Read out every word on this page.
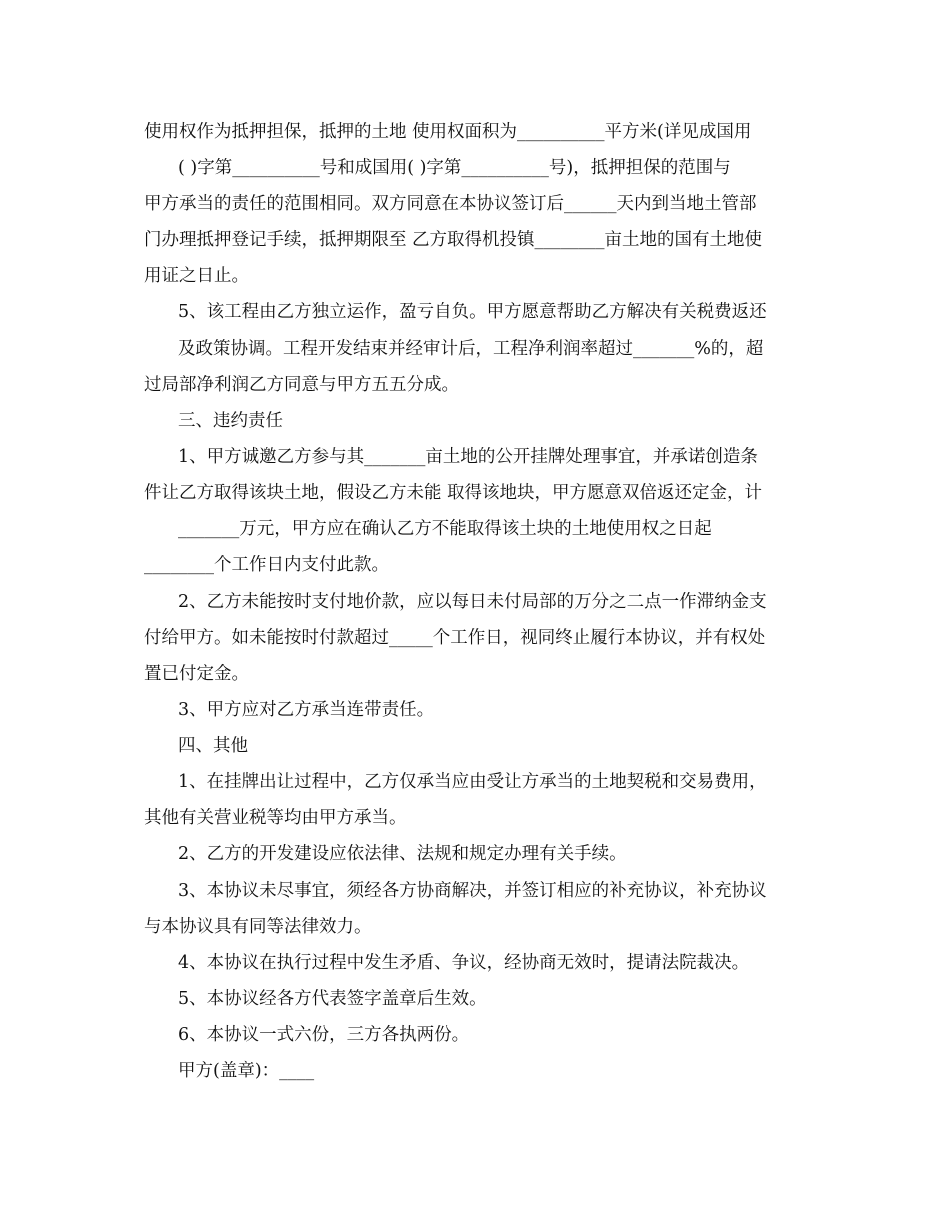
使用权作为抵押担保，抵押的土地 使用权面积为__________平方米(详见成国用
( )字第__________号和成国用( )字第__________号)，抵押担保的范围与
甲方承当的责任的范围相同。双方同意在本协议签订后______天内到当地土管部
门办理抵押登记手续，抵押期限至 乙方取得机投镇________亩土地的国有土地使
用证之日止。
5、该工程由乙方独立运作，盈亏自负。甲方愿意帮助乙方解决有关税费返还
及政策协调。工程开发结束并经审计后，工程净利润率超过_______%的，超
过局部净利润乙方同意与甲方五五分成。
三、违约责任
1、甲方诚邀乙方参与其_______亩土地的公开挂牌处理事宜，并承诺创造条
件让乙方取得该块土地，假设乙方未能 取得该地块，甲方愿意双倍返还定金，计
_______万元，甲方应在确认乙方不能取得该土块的土地使用权之日起
________个工作日内支付此款。
2、乙方未能按时支付地价款，应以每日未付局部的万分之二点一作滞纳金支
付给甲方。如未能按时付款超过_____个工作日，视同终止履行本协议，并有权处
置已付定金。
3、甲方应对乙方承当连带责任。
四、其他
1、在挂牌出让过程中，乙方仅承当应由受让方承当的土地契税和交易费用，
其他有关营业税等均由甲方承当。
2、乙方的开发建设应依法律、法规和规定办理有关手续。
3、本协议未尽事宜，须经各方协商解决，并签订相应的补充协议，补充协议
与本协议具有同等法律效力。
4、本协议在执行过程中发生矛盾、争议，经协商无效时，提请法院裁决。
5、本协议经各方代表签字盖章后生效。
6、本协议一式六份，三方各执两份。
甲方(盖章)：____
